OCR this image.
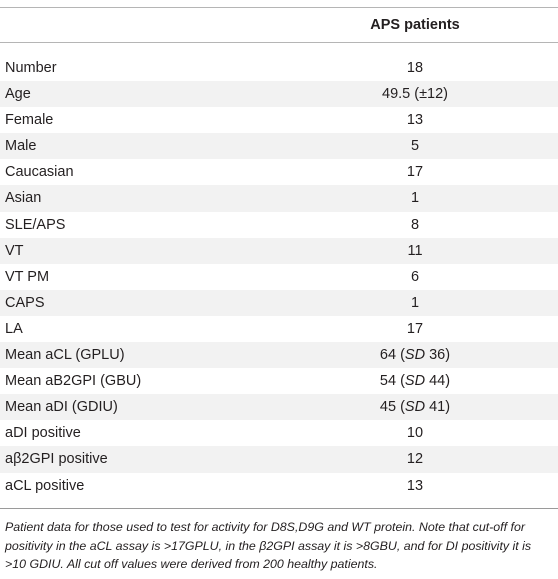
APS patients
Number	18
Age	49.5 (±12)
Female	13
Male	5
Caucasian	17
Asian	1
SLE/APS	8
VT	11
VT PM	6
CAPS	1
LA	17
Mean aCL (GPLU)	64 (SD 36)
Mean aB2GPI (GBU)	54 (SD 44)
Mean aDI (GDIU)	45 (SD 41)
aDI positive	10
aβ2GPI positive	12
aCL positive	13
Patient data for those used to test for activity for D8S,D9G and WT protein. Note that cut-off for positivity in the aCL assay is >17GPLU, in the β2GPI assay it is >8GBU, and for DI positivity it is >10 GDIU. All cut off values were derived from 200 healthy patients.
